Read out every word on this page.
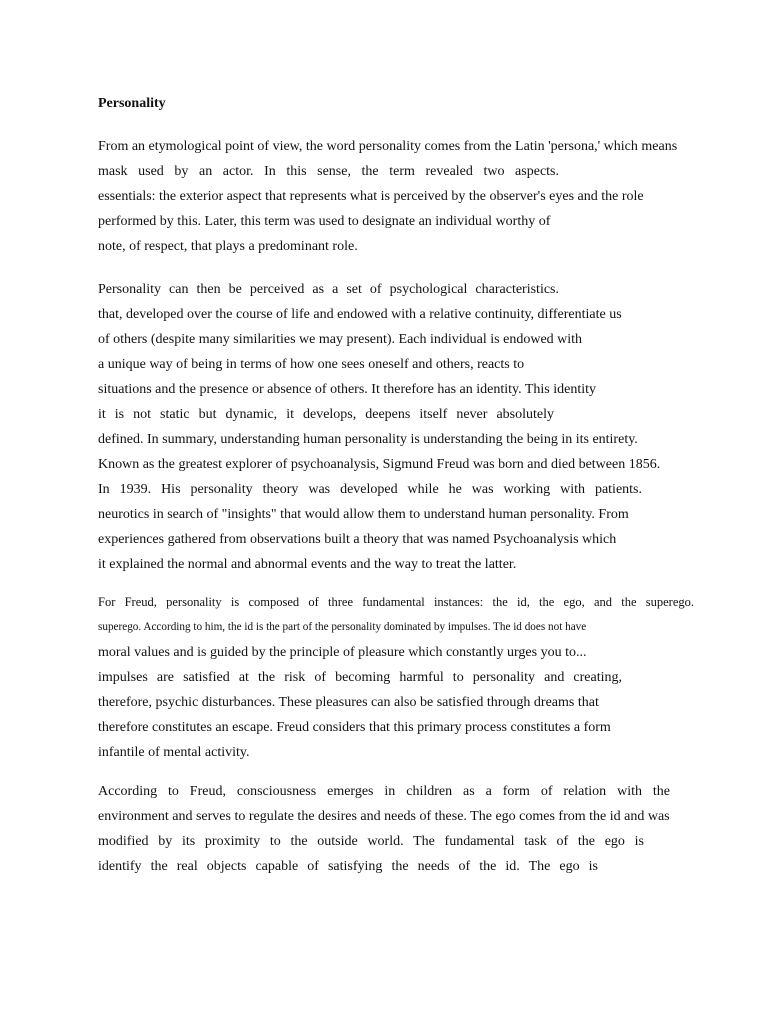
Personality
From an etymological point of view, the word personality comes from the Latin 'persona,' which means
mask used by an actor. In this sense, the term revealed two aspects.
essentials: the exterior aspect that represents what is perceived by the observer's eyes and the role
performed by this. Later, this term was used to designate an individual worthy of
note, of respect, that plays a predominant role.
Personality can then be perceived as a set of psychological characteristics.
that, developed over the course of life and endowed with a relative continuity, differentiate us
of others (despite many similarities we may present). Each individual is endowed with
a unique way of being in terms of how one sees oneself and others, reacts to
situations and the presence or absence of others. It therefore has an identity. This identity
it is not static but dynamic, it develops, deepens itself never absolutely
defined. In summary, understanding human personality is understanding the being in its entirety.
Known as the greatest explorer of psychoanalysis, Sigmund Freud was born and died between 1856.
In 1939. His personality theory was developed while he was working with patients.
neurotics in search of "insights" that would allow them to understand human personality. From
experiences gathered from observations built a theory that was named Psychoanalysis which
it explained the normal and abnormal events and the way to treat the latter.
For Freud, personality is composed of three fundamental instances: the id, the ego, and the superego.
superego. According to him, the id is the part of the personality dominated by impulses. The id does not have
moral values and is guided by the principle of pleasure which constantly urges you to...
impulses are satisfied at the risk of becoming harmful to personality and creating,
therefore, psychic disturbances. These pleasures can also be satisfied through dreams that
therefore constitutes an escape. Freud considers that this primary process constitutes a form
infantile of mental activity.
According to Freud, consciousness emerges in children as a form of relation with the
environment and serves to regulate the desires and needs of these. The ego comes from the id and was
modified by its proximity to the outside world. The fundamental task of the ego is
identify the real objects capable of satisfying the needs of the id. The ego is
